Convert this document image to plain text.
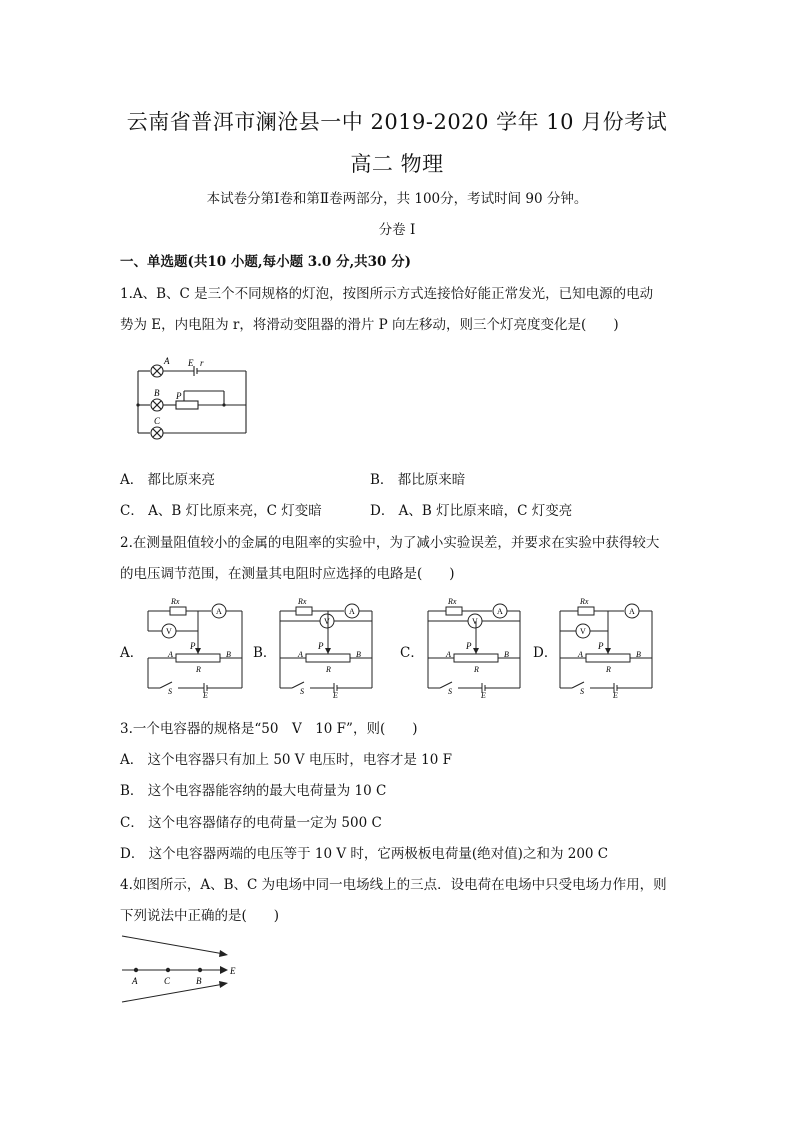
云南省普洱市澜沧县一中 2019-2020 学年 10 月份考试
高二 物理
本试卷分第Ⅰ卷和第Ⅱ卷两部分，共 100分，考试时间 90 分钟。
分卷 I
一、单选题(共10 小题,每小题 3.0 分,共30 分)
1.A、B、C 是三个不同规格的灯泡，按图所示方式连接恰好能正常发光，已知电源的电动
势为 E，内电阻为 r，将滑动变阻器的滑片 P 向左移动，则三个灯亮度变化是(　　)
A E r
B P
C
A． 都比原来亮	B． 都比原来暗
C． A、B 灯比原来亮，C 灯变暗	D． A、B 灯比原来暗，C 灯变亮
2.在测量阻值较小的金属的电阻率的实验中，为了减小实验误差，并要求在实验中获得较大
的电压调节范围，在测量其电阻时应选择的电路是(　　)
A．	B．	C．	D．
Rx
A
V
P
A	B
R
S	E
Rx
A
V
P
A	B
R
S	E
Rx
A
V
P
A	B
R
S	E
Rx
A
V
P
A	B
R
S	E
3.一个电容器的规格是“50　V　10 F”，则(　　)
A． 这个电容器只有加上 50 V 电压时，电容才是 10 F
B． 这个电容器能容纳的最大电荷量为 10 C
C． 这个电容器储存的电荷量一定为 500 C
D． 这个电容器两端的电压等于 10 V 时，它两极板电荷量(绝对值)之和为 200 C
4.如图所示，A、B、C 为电场中同一电场线上的三点．设电荷在电场中只受电场力作用，则
下列说法中正确的是(　　)
A	C	B
E
